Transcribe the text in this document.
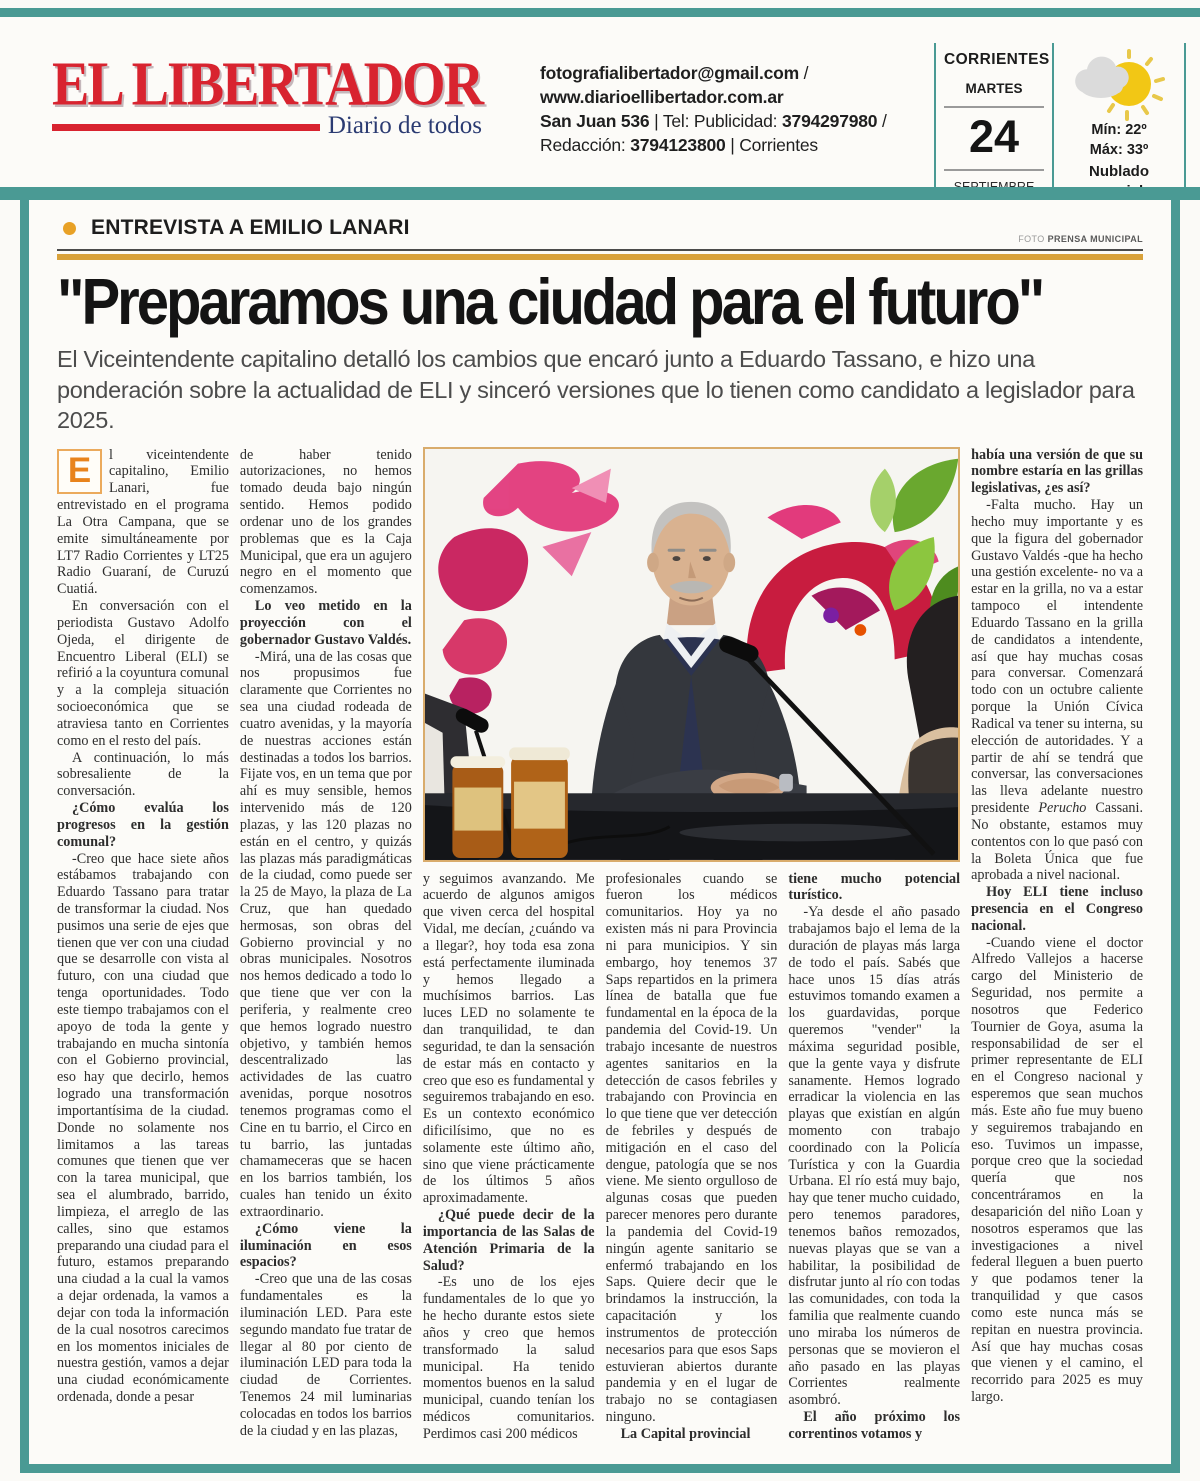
EL LIBERTADOR
Diario de todos
fotografialibertador@gmail.com /
www.diarioellibertador.com.ar
San Juan 536 | Tel: Publicidad: 3794297980 /
Redacción: 3794123800 | Corrientes
CORRIENTES
MARTES
24	Mín: 22º
Máx: 33º
Nublado

ENTREVISTA A EMILIO LANARI	FOTO PRENSA MUNICIPAL
"Preparamos una ciudad para el futuro"
El Viceintendente capitalino detalló los cambios que encaró junto a Eduardo Tassano, e hizo una ponderación sobre la actualidad de ELI y sinceró versiones que lo tienen como candidato a legislador para 2025.

E	l viceintendente capitalino, Emilio Lanari, fue entrevistado en el programa La Otra Campana, que se emite simultáneamente por LT7 Radio Corrientes y LT25 Radio Guaraní, de Curuzú Cuatiá.

En conversación con el periodista Gustavo Adolfo Ojeda, el dirigente de Encuentro Liberal (ELI) se refirió a la coyuntura comunal y a la compleja situación socioeconómica que se atraviesa tanto en Corrientes como en el resto del país.

A continuación, lo más sobresaliente de la conversación.

¿Cómo evalúa los progresos en la gestión comunal?

-Creo que hace siete años estábamos trabajando con Eduardo Tassano para tratar de transformar la ciudad. Nos pusimos una serie de ejes que tienen que ver con una ciudad que se desarrolle con vista al futuro, con una ciudad que tenga oportunidades. Todo este tiempo trabajamos con el apoyo de toda la gente y trabajando en mucha sintonía con el Gobierno provincial, eso hay que decirlo, hemos logrado una transformación importantísima de la ciudad. Donde no solamente nos limitamos a las tareas comunes que tienen que ver con la tarea municipal, que sea el alumbrado, barrido, limpieza, el arreglo de las calles, sino que estamos preparando una ciudad para el futuro, estamos preparando una ciudad a la cual la vamos a dejar ordenada, la vamos a dejar con toda la información de la cual nosotros carecimos en los momentos iniciales de nuestra gestión, vamos a dejar una ciudad económicamente ordenada, donde a pesar

de haber tenido autorizaciones, no hemos tomado deuda bajo ningún sentido. Hemos podido ordenar uno de los grandes problemas que es la Caja Municipal, que era un agujero negro en el momento que comenzamos.

Lo veo metido en la proyección con el gobernador Gustavo Valdés.

-Mirá, una de las cosas que nos propusimos fue claramente que Corrientes no sea una ciudad rodeada de cuatro avenidas, y la mayoría de nuestras acciones están destinadas a todos los barrios. Fijate vos, en un tema que por ahí es muy sensible, hemos intervenido más de 120 plazas, y las 120 plazas no están en el centro, y quizás las plazas más paradigmáticas de la ciudad, como puede ser la 25 de Mayo, la plaza de La Cruz, que han quedado hermosas, son obras del Gobierno provincial y no obras municipales. Nosotros nos hemos dedicado a todo lo que tiene que ver con la periferia, y realmente creo que hemos logrado nuestro objetivo, y también hemos descentralizado las actividades de las cuatro avenidas, porque nosotros tenemos programas como el Cine en tu barrio, el Circo en tu barrio, las juntadas chamameceras que se hacen en los barrios también, los cuales han tenido un éxito extraordinario.

¿Cómo viene la iluminación en esos espacios?

-Creo que una de las cosas fundamentales es la iluminación LED. Para este segundo mandato fue tratar de llegar al 80 por ciento de iluminación LED para toda la ciudad de Corrientes. Tenemos 24 mil luminarias colocadas en todos los barrios de la ciudad y en las plazas,

y seguimos avanzando. Me acuerdo de algunos amigos que viven cerca del hospital Vidal, me decían, ¿cuándo va a llegar?, hoy toda esa zona está perfectamente iluminada y hemos llegado a muchísimos barrios. Las luces LED no solamente te dan tranquilidad, te dan seguridad, te dan la sensación de estar más en contacto y creo que eso es fundamental y seguiremos trabajando en eso. Es un contexto económico dificilísimo, que no es solamente este último año, sino que viene prácticamente de los últimos 5 años aproximadamente.

¿Qué puede decir de la importancia de las Salas de Atención Primaria de la Salud?

-Es uno de los ejes fundamentales de lo que yo he hecho durante estos siete años y creo que hemos transformado la salud municipal. Ha tenido momentos buenos en la salud municipal, cuando tenían los médicos comunitarios. Perdimos casi 200 médicos

profesionales cuando se fueron los médicos comunitarios. Hoy ya no existen más ni para Provincia ni para municipios. Y sin embargo, hoy tenemos 37 Saps repartidos en la primera línea de batalla que fue fundamental en la época de la pandemia del Covid-19. Un trabajo incesante de nuestros agentes sanitarios en la detección de casos febriles y trabajando con Provincia en lo que tiene que ver detección de febriles y después de mitigación en el caso del dengue, patología que se nos viene. Me siento orgulloso de algunas cosas que pueden parecer menores pero durante la pandemia del Covid-19 ningún agente sanitario se enfermó trabajando en los Saps. Quiere decir que le brindamos la instrucción, la capacitación y los instrumentos de protección necesarios para que esos Saps estuvieran abiertos durante pandemia y en el lugar de trabajo no se contagiasen ninguno.

La Capital provincial

tiene mucho potencial turístico.

-Ya desde el año pasado trabajamos bajo el lema de la duración de playas más larga de todo el país. Sabés que hace unos 15 días atrás estuvimos tomando examen a los guardavidas, porque queremos "vender" la máxima seguridad posible, que la gente vaya y disfrute sanamente. Hemos logrado erradicar la violencia en las playas que existían en algún momento con trabajo coordinado con la Policía Turística y con la Guardia Urbana. El río está muy bajo, hay que tener mucho cuidado, pero tenemos paradores, tenemos baños remozados, nuevas playas que se van a habilitar, la posibilidad de disfrutar junto al río con todas las comunidades, con toda la familia que realmente cuando uno miraba los números de personas que se movieron el año pasado en las playas Corrientes realmente asombró.

El año próximo los correntinos votamos y

había una versión de que su nombre estaría en las grillas legislativas, ¿es así?

-Falta mucho. Hay un hecho muy importante y es que la figura del gobernador Gustavo Valdés -que ha hecho una gestión excelente- no va a estar en la grilla, no va a estar tampoco el intendente Eduardo Tassano en la grilla de candidatos a intendente, así que hay muchas cosas para conversar. Comenzará todo con un octubre caliente porque la Unión Cívica Radical va tener su interna, su elección de autoridades. Y a partir de ahí se tendrá que conversar, las conversaciones las lleva adelante nuestro presidente Perucho Cassani. No obstante, estamos muy contentos con lo que pasó con la Boleta Única que fue aprobada a nivel nacional.

Hoy ELI tiene incluso presencia en el Congreso nacional.

-Cuando viene el doctor Alfredo Vallejos a hacerse cargo del Ministerio de Seguridad, nos permite a nosotros que Federico Tournier de Goya, asuma la responsabilidad de ser el primer representante de ELI en el Congreso nacional y esperemos que sean muchos más. Este año fue muy bueno y seguiremos trabajando en eso. Tuvimos un impasse, porque creo que la sociedad quería que nos concentráramos en la desaparición del niño Loan y nosotros esperamos que las investigaciones a nivel federal lleguen a buen puerto y que podamos tener la tranquilidad y que casos como este nunca más se repitan en nuestra provincia. Así que hay muchas cosas que vienen y el camino, el recorrido para 2025 es muy largo.
